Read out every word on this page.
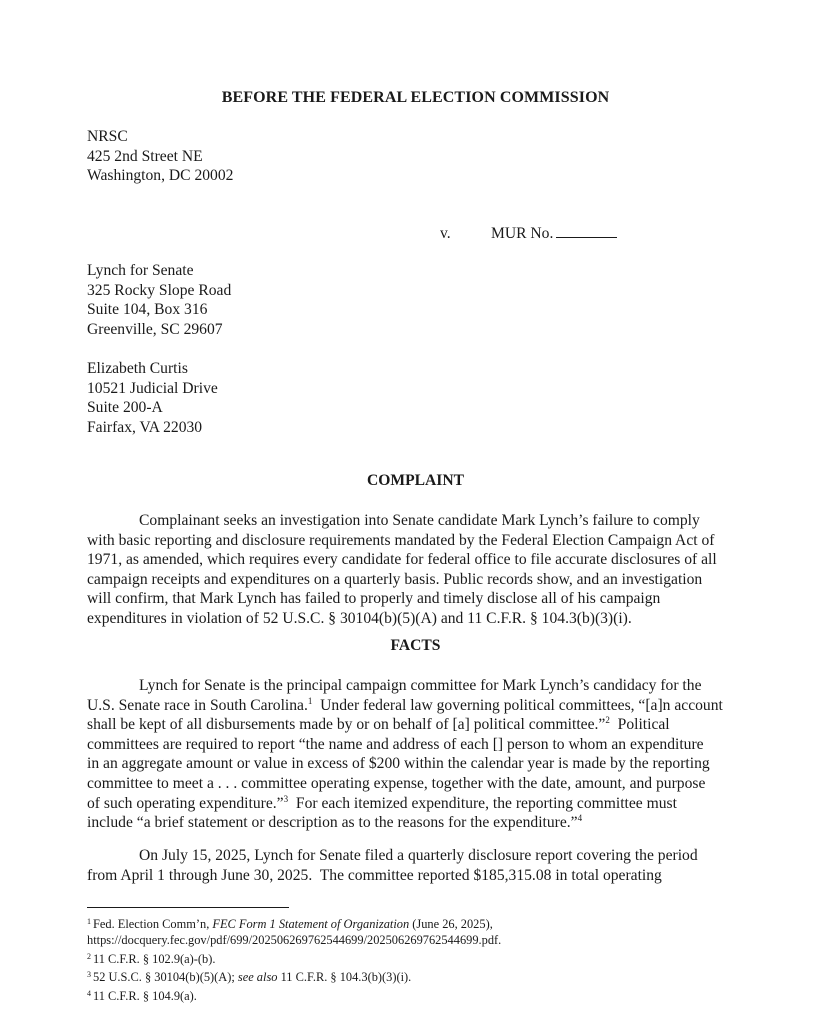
BEFORE THE FEDERAL ELECTION COMMISSION
NRSC
425 2nd Street NE
Washington, DC 20002
v.	MUR No.
Lynch for Senate
325 Rocky Slope Road
Suite 104, Box 316
Greenville, SC 29607
Elizabeth Curtis
10521 Judicial Drive
Suite 200-A
Fairfax, VA 22030
COMPLAINT
Complainant seeks an investigation into Senate candidate Mark Lynch’s failure to comply
with basic reporting and disclosure requirements mandated by the Federal Election Campaign Act of
1971, as amended, which requires every candidate for federal office to file accurate disclosures of all
campaign receipts and expenditures on a quarterly basis. Public records show, and an investigation
will confirm, that Mark Lynch has failed to properly and timely disclose all of his campaign
expenditures in violation of 52 U.S.C. § 30104(b)(5)(A) and 11 C.F.R. § 104.3(b)(3)(i).
FACTS
Lynch for Senate is the principal campaign committee for Mark Lynch’s candidacy for the
U.S. Senate race in South Carolina.$^1$  Under federal law governing political committees, “[a]n account
shall be kept of all disbursements made by or on behalf of [a] political committee.”$^2$  Political
committees are required to report “the name and address of each [] person to whom an expenditure
in an aggregate amount or value in excess of $200 within the calendar year is made by the reporting
committee to meet a . . . committee operating expense, together with the date, amount, and purpose
of such operating expenditure.”$^3$  For each itemized expenditure, the reporting committee must
include “a brief statement or description as to the reasons for the expenditure.”$^4$
On July 15, 2025, Lynch for Senate filed a quarterly disclosure report covering the period
from April 1 through June 30, 2025.  The committee reported $185,315.08 in total operating
$^1$ Fed. Election Comm’n, FEC Form 1 Statement of Organization (June 26, 2025),
https://docquery.fec.gov/pdf/699/202506269762544699/202506269762544699.pdf.
$^2$ 11 C.F.R. § 102.9(a)-(b).
$^3$ 52 U.S.C. § 30104(b)(5)(A); see also 11 C.F.R. § 104.3(b)(3)(i).
$^4$ 11 C.F.R. § 104.9(a).
